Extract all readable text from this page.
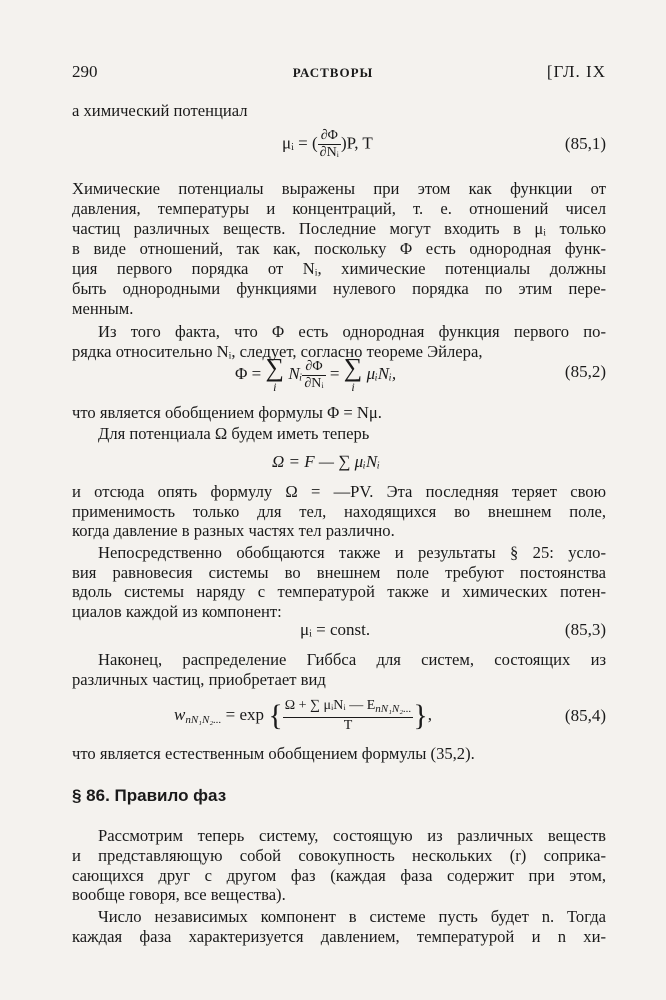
290	РАСТВОРЫ	[ГЛ. IX
а химический потенциал
μᵢ = ( $\frac{\partial\Phi}{\text{∂Nᵢ}} )P$, T	(85,1)
Химические потенциалы выражены при этом как функции от
давления, температуры и концентраций, т. е. отношений чисел
частиц различных веществ. Последние могут входить в μᵢ только
в виде отношений, так как, поскольку Φ есть однородная функ-
ция первого порядка от Nᵢ, химические потенциалы должны
быть однородными функциями нулевого порядка по этим пере-
менным.
Из того факта, что Φ есть однородная функция первого по-
рядка относительно Nᵢ, следует, согласно теореме Эйлера,
Φ = ∑
i
Nᵢ $\frac{\partial\Phi}{\text{∂Nᵢ}}$ = ∑
i
μᵢNᵢ,	(85,2)
что является обобщением формулы Φ = Nμ.
Для потенциала Ω будем иметь теперь
Ω = F — ∑ μᵢNᵢ
и отсюда опять формулу Ω = —PV. Эта последняя теряет свою
применимость только для тел, находящихся во внешнем поле,
когда давление в разных частях тел различно.
Непосредственно обобщаются также и результаты § 25: усло-
вия равновесия системы во внешнем поле требуют постоянства
вдоль системы наряду с температурой также и химических потен-
циалов каждой из компонент:
μᵢ = const.	(85,3)
Наконец, распределение Гиббса для систем, состоящих из
различных частиц, приобретает вид
$w_{nN_1N_2...} = \exp$ { $\frac{\Omega + \sum \mu ᵢNᵢ — E_{nN_1N_2...}}{T}$ },	(85,4)
что является естественным обобщением формулы (35,2).
§ 86. Правило фаз
Рассмотрим теперь систему, состоящую из различных веществ
и представляющую собой совокупность нескольких (r) соприка-
сающихся друг с другом фаз (каждая фаза содержит при этом,
вообще говоря, все вещества).
Число независимых компонент в системе пусть будет n. Тогда
каждая фаза характеризуется давлением, температурой и n хи-
